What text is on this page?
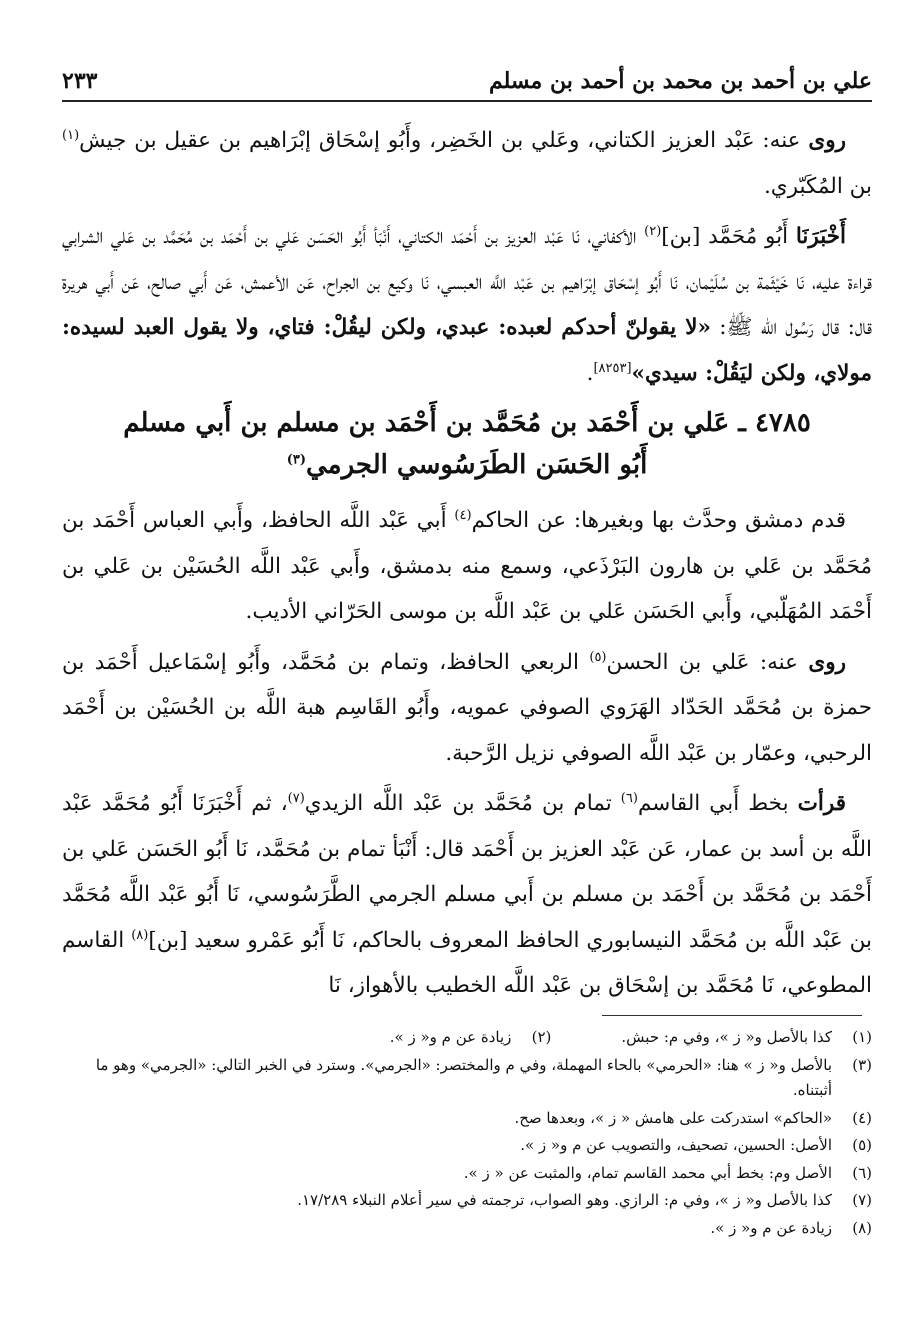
علي بن أحمد بن محمد بن أحمد بن مسلم
٢٣٣

روى عنه: عَبْد العزيز الكتاني، وعَلي بن الخَضِر، وأَبُو إسْحَاق إبْرَاهيم بن عقيل بن جيش$^{(١)}$ بن المُكَبّري.

أَخْبَرَنَا أَبُو مُحَمَّد [بن]$^{(٢)}$ الأكفاني، نَا عَبْد العزيز بن أَحْمَد الكتاني، أَنْبَأ أَبُو الحَسَن عَلي بن أَحْمَد بن مُحَمَّد بن عَلي الشرابي قراءة عليه، نَا خَيْثَمة بن سُلَيْمان، نَا أَبُو إسْحَاق إبْرَاهيم بن عَبْد اللَّه العبسي، نَا وكيع بن الجراح، عَن الأعمش، عَن أَبي صالح، عَن أَبي هريرة قال: قال رَسُول الله ﷺ: «لا يقولنّ أحدكم لعبده: عبدي، ولكن ليقُلْ: فتاي، ولا يقول العبد لسيده: مولاي، ولكن ليَقُلْ: سيدي»[٨٢٥٣].

٤٧٨٥ ـ عَلي بن أَحْمَد بن مُحَمَّد بن أَحْمَد بن مسلم بن أَبي مسلم
أَبُو الحَسَن الطَرَسُوسي الجرمي$^{(٣)}$

قدم دمشق وحدَّث بها وبغيرها: عن الحاكم$^{(٤)}$ أَبي عَبْد اللَّه الحافظ، وأَبي العباس أَحْمَد بن مُحَمَّد بن عَلي بن هارون البَرْذَعي، وسمع منه بدمشق، وأَبي عَبْد اللَّه الحُسَيْن بن عَلي بن أَحْمَد المُهَلّبي، وأَبي الحَسَن عَلي بن عَبْد اللَّه بن موسى الحَرّاني الأديب.

روى عنه: عَلي بن الحسن$^{(٥)}$ الربعي الحافظ، وتمام بن مُحَمَّد، وأَبُو إسْمَاعيل أَحْمَد بن حمزة بن مُحَمَّد الحَدّاد الهَرَوي الصوفي عمويه، وأَبُو القَاسِم هبة اللَّه بن الحُسَيْن بن أَحْمَد الرحبي، وعمّار بن عَبْد اللَّه الصوفي نزيل الرَّحبة.

قرأت بخط أَبي القاسم$^{(٦)}$ تمام بن مُحَمَّد بن عَبْد اللَّه الزيدي$^{(٧)}$، ثم أَخْبَرَنَا أَبُو مُحَمَّد عَبْد اللَّه بن أسد بن عمار، عَن عَبْد العزيز بن أَحْمَد قال: أَنْبَأ تمام بن مُحَمَّد، نَا أَبُو الحَسَن عَلي بن أَحْمَد بن مُحَمَّد بن أَحْمَد بن مسلم بن أَبي مسلم الجرمي الطَّرَسُوسي، نَا أَبُو عَبْد اللَّه مُحَمَّد بن عَبْد اللَّه بن مُحَمَّد النيسابوري الحافظ المعروف بالحاكم، نَا أَبُو عَمْرو سعيد [بن]$^{(٨)}$ القاسم المطوعي، نَا مُحَمَّد بن إسْحَاق بن عَبْد اللَّه الخطيب بالأهواز، نَا

(١)
كذا بالأصل و« ز »، وفي م: حبش.
(٢)
زيادة عن م و« ز ».
(٣)
بالأصل و« ز » هنا: «الحرمي» بالحاء المهملة، وفي م والمختصر: «الجرمي». وسترد في الخبر التالي: «الجرمي» وهو ما أثبتناه.
(٤)
«الحاكم» استدركت على هامش « ز »، وبعدها صح.
(٥)
الأصل: الحسين، تصحيف، والتصويب عن م و« ز ».
(٦)
الأصل وم: بخط أبي محمد القاسم تمام، والمثبت عن « ز ».
(٧)
كذا بالأصل و« ز »، وفي م: الرازي. وهو الصواب، ترجمته في سير أعلام النبلاء ١٧/٢٨٩.
(٨)
زيادة عن م و« ز ».
